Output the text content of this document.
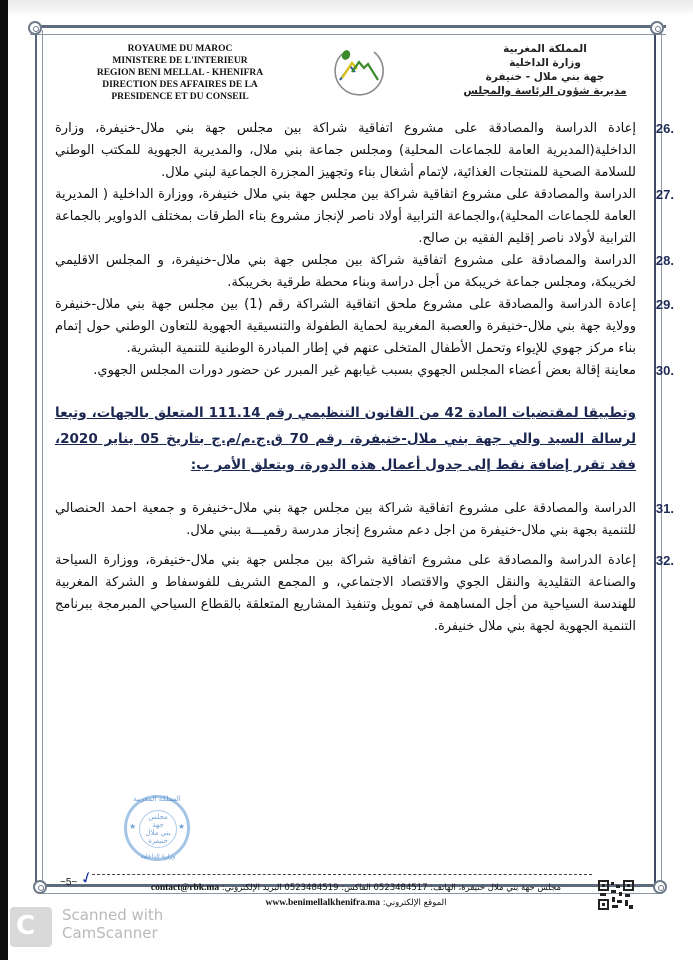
ROYAUME DU MAROC
MINISTERE DE L'INTERIEUR
REGION BENI MELLAL - KHENIFRA
DIRECTION DES AFFAIRES DE LA
PRESIDENCE ET DU CONSEIL
المملكة المغربية
وزارة الداخلية
جهة بني ملال - خنيفرة
مديرية شؤون الرئاسة والمجلس
26.
إعادة الدراسة والمصادقة على مشروع اتفاقية شراكة بين مجلس جهة بني ملال-خنيفرة، وزارة الداخلية(المديرية العامة للجماعات المحلية) ومجلس جماعة بني ملال، والمديرية الجهوية للمكتب الوطني للسلامة الصحية للمنتجات الغذائية، لإتمام أشغال بناء وتجهيز المجزرة الجماعية لبني ملال.
27.
الدراسة والمصادقة على مشروع اتفاقية شراكة بين مجلس جهة بني ملال خنيفرة، ووزارة الداخلية ( المديرية العامة للجماعات المحلية)،والجماعة الترابية أولاد ناصر لإنجاز مشروع بناء الطرقات بمختلف الدواوير بالجماعة الترابية لأولاد ناصر إقليم الفقيه بن صالح.
28.
الدراسة والمصادقة على مشروع اتفاقية شراكة بين مجلس جهة بني ملال-خنيفرة، و المجلس الاقليمي لخريبكة، ومجلس جماعة خريبكة من أجل دراسة وبناء محطة طرقية بخريبكة.
29.
إعادة الدراسة والمصادقة على مشروع ملحق اتفاقية الشراكة رقم (1) بين مجلس جهة بني ملال-خنيفرة وولاية جهة بني ملال-خنيفرة والعصبة المغربية لحماية الطفولة والتنسيقية الجهوية للتعاون الوطني حول إتمام بناء مركز جهوي للإيواء وتحمل الأطفال المتخلى عنهم في إطار المبادرة الوطنية للتنمية البشرية.
30.
معاينة إقالة بعض أعضاء المجلس الجهوي بسبب غيابهم غير المبرر عن حضور دورات المجلس الجهوي.
وتطبيقا لمقتضيات المادة 42 من القانون التنظيمي رقم 111.14 المتعلق بالجهات، وتبعا لرسالة السيد والي جهة بني ملال-خنيفرة، رقم 70 ق.ج.م/م.ج بتاريخ 05 يناير 2020، فقد تقرر إضافة نقط إلى جدول أعمال هذه الدورة، ويتعلق الأمر ب:
31.
الدراسة والمصادقة على مشروع اتفاقية شراكة بين مجلس جهة بني ملال-خنيفرة و جمعية احمد الحنصالي للتنمية بجهة بني ملال-خنيفرة من اجل دعم مشروع إنجاز مدرسة رقميـــة ببني ملال.
32.
إعادة الدراسة والمصادقة على مشروع اتفاقية شراكة بين مجلس جهة بني ملال-خنيفرة، ووزارة السياحة والصناعة التقليدية والنقل الجوي والاقتصاد الاجتماعي، و المجمع الشريف للفوسفاط و الشركة المغربية للهندسة السياحية من أجل المساهمة في تمويل وتنفيذ المشاريع المتعلقة بالقطاع السياحي المبرمجة ببرنامج التنمية الجهوية لجهة بني ملال خنيفرة.
المملكة المغربية
★	★
مجلس
جهة
بني ملال
خنيفرة
وزارة الداخلية
~5~ ✓	contact@rbk.ma مجلس جهة بني ملال خنيفرة، الهاتف: 0523484517 الفاكس: 0523484519 البريد الإلكتروني:
www.benimellalkhenifra.ma الموقع الإلكتروني:
C Scanned with
CamScanner
